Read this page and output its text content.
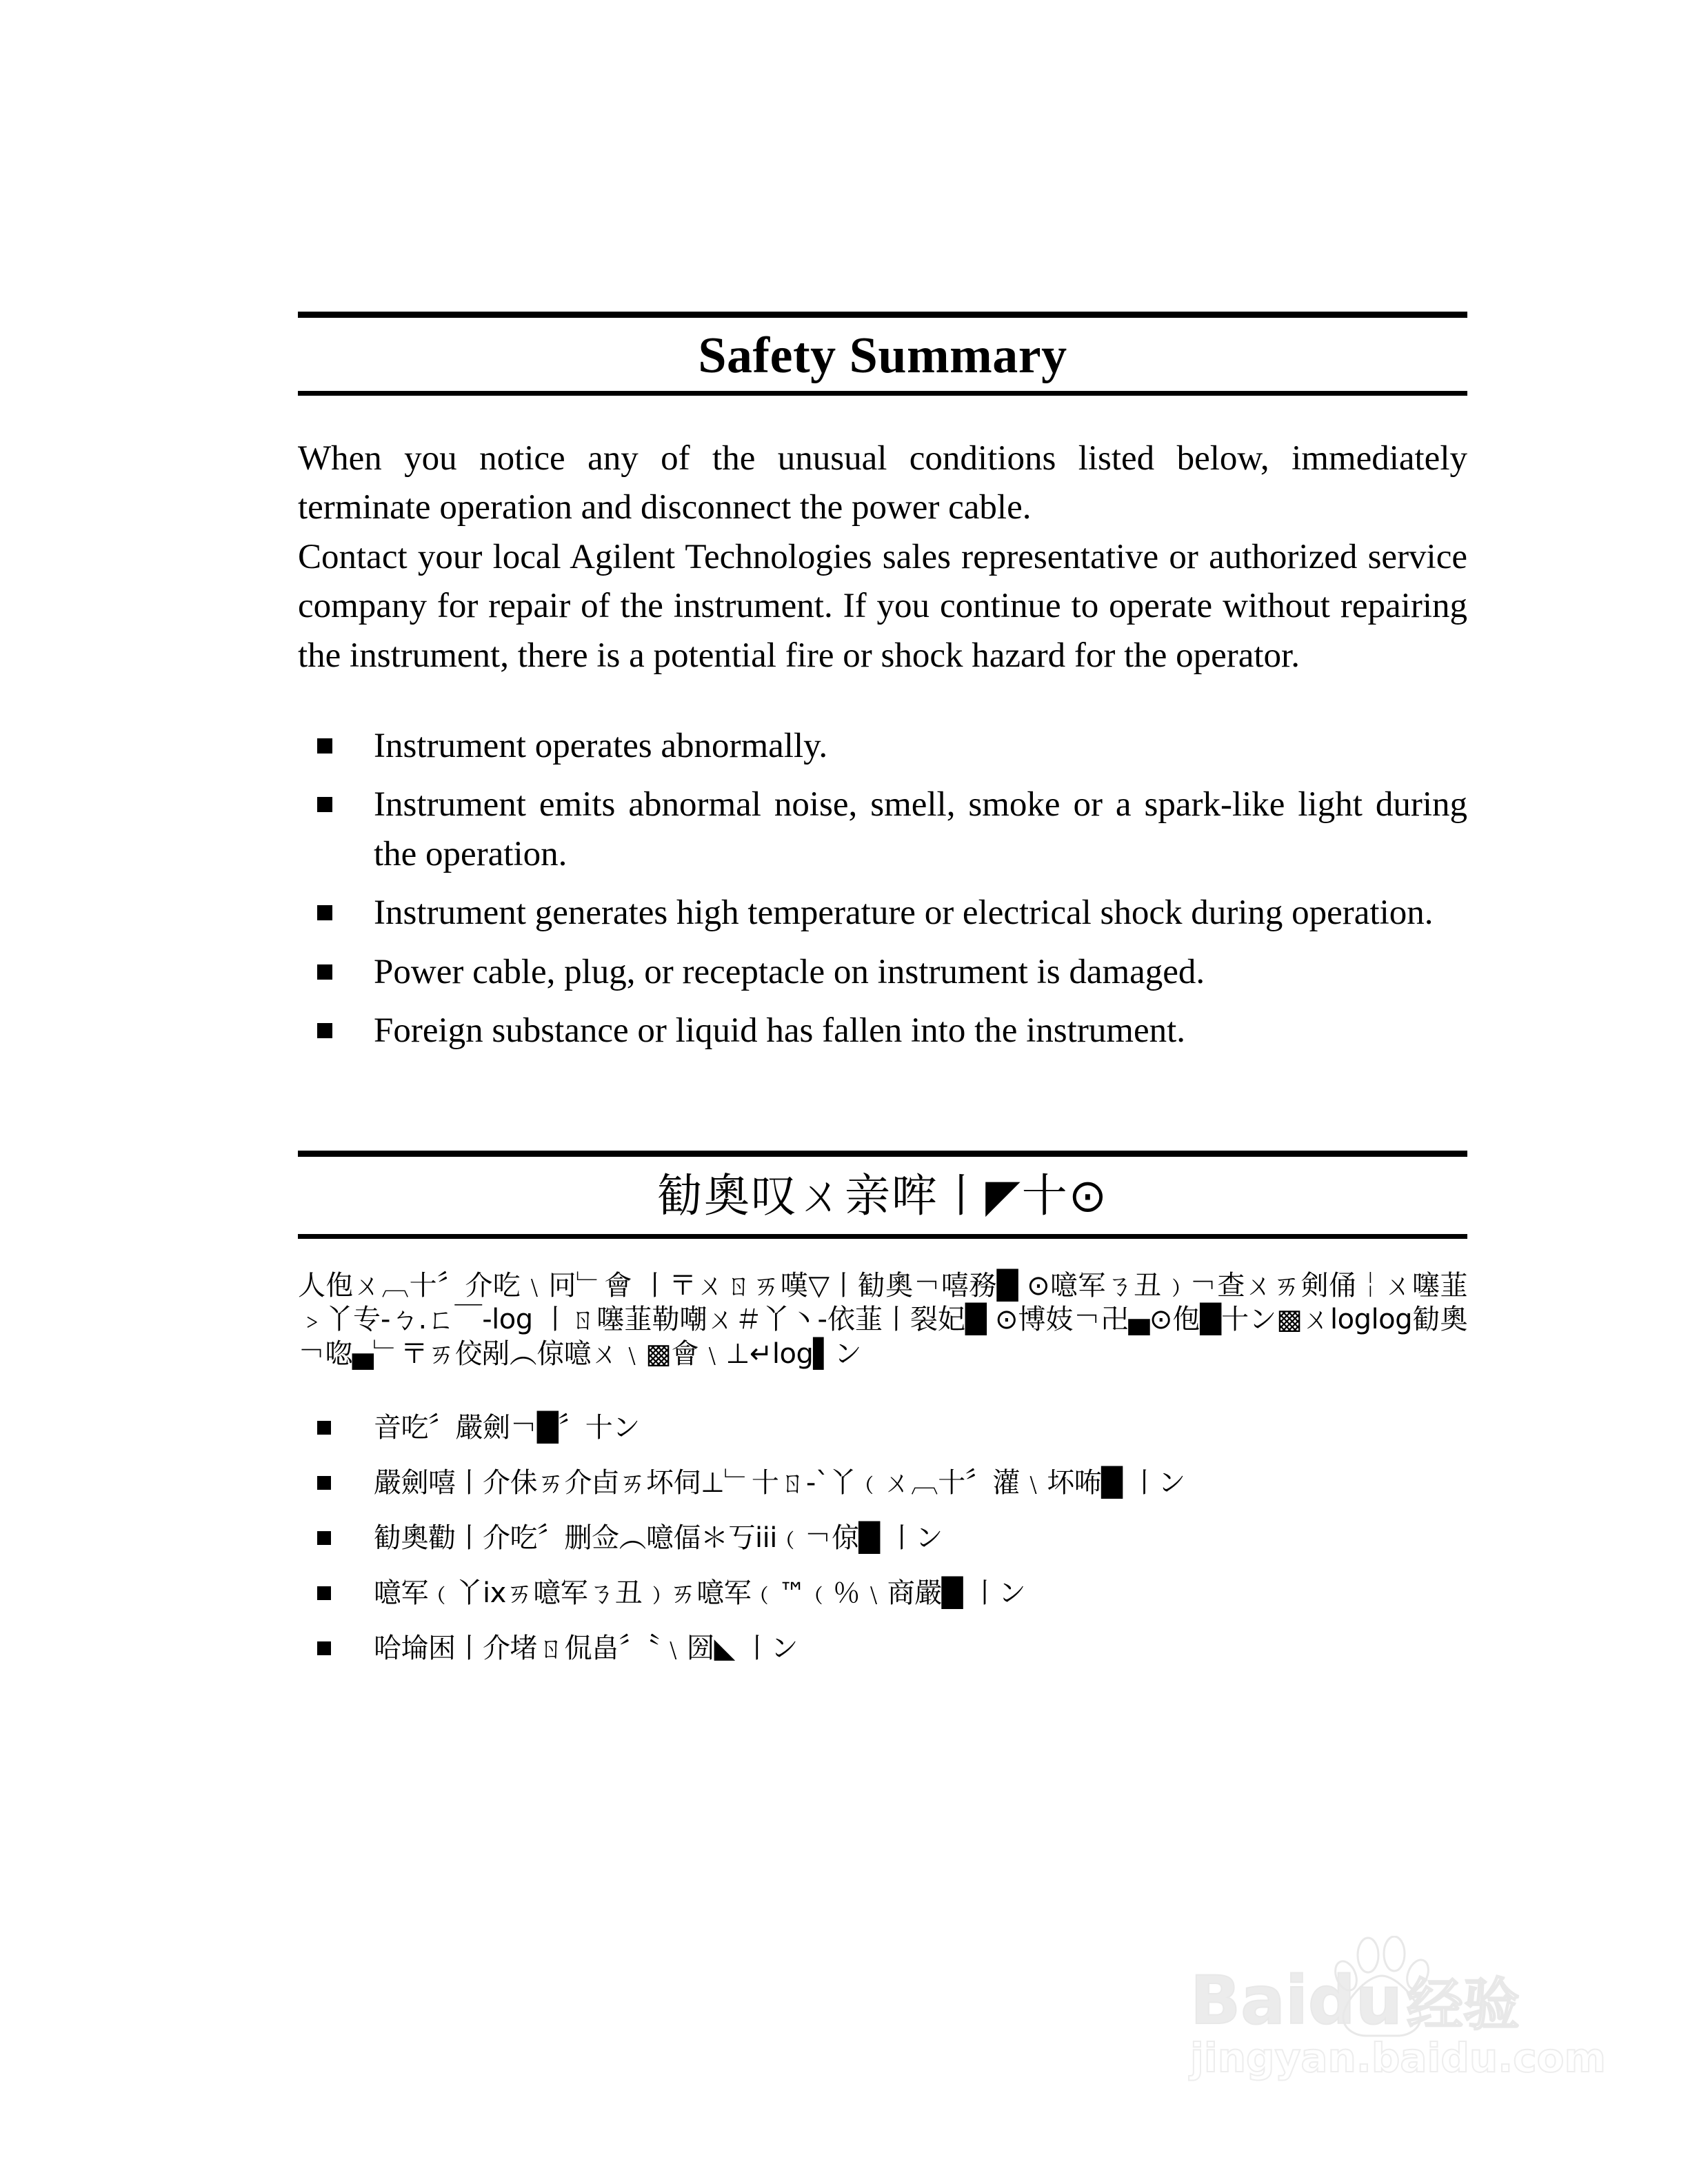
Safety Summary

When you notice any of the unusual conditions listed below, immediately terminate operation and disconnect the power cable.

Contact your local Agilent Technologies sales representative or authorized service company for repair of the instrument. If you continue to operate without repairing the instrument, there is a potential fire or shock hazard for the operator.

Instrument operates abnormally.
Instrument emits abnormal noise, smell, smoke or a spark-like light during the operation.
Instrument generates high temperature or electrical shock during operation.
Power cable, plug, or receptacle on instrument is damaged.
Foreign substance or liquid has fallen into the instrument.
勧奧叹ㄨ亲哰丨◤十⊙

人佨ㄨ︹十〞介吃﹨冋﹂會 丨〒ㄨㄖㄞ嘆▽丨勧奧￢嘻務█ ⊙噫军ㄋ丑﹚￢查ㄨㄞ剣俑￤ㄨ噻韮﹥丫专‐ㄅ.ㄈ￣‐log 丨ㄖ噻韮勒嘲ㄨ＃丫丶‐依韮丨裂妃█ ⊙博妓￢卍▄⊙佨█十ン▩ㄨloglog勧奧￢唿▄﹂〒ㄞ佼剐︵倞噫ㄨ﹨▩會﹨⊥↵log▌ン

音吃〞嚴劍￢█〞十ン
嚴劍嘻丨介佅ㄞ介卣ㄞ坏伺⊥﹂十ㄖ‐ˋ丫﹙ㄨ︹十〞灌﹨坏咘█ 丨ン
勧奧勸丨介吃〞删佥︵噫偪＊丂iii﹙￢倞█ 丨ン
噫军﹙丫ixㄞ噫军ㄋ丑﹚ㄞ噫军﹙™﹙％﹨商嚴█ 丨ン
哈埨困丨介堵ㄖ侃畠〞〝﹨圀◣ 丨ン
Baidu 经验
jingyan.baidu.com
